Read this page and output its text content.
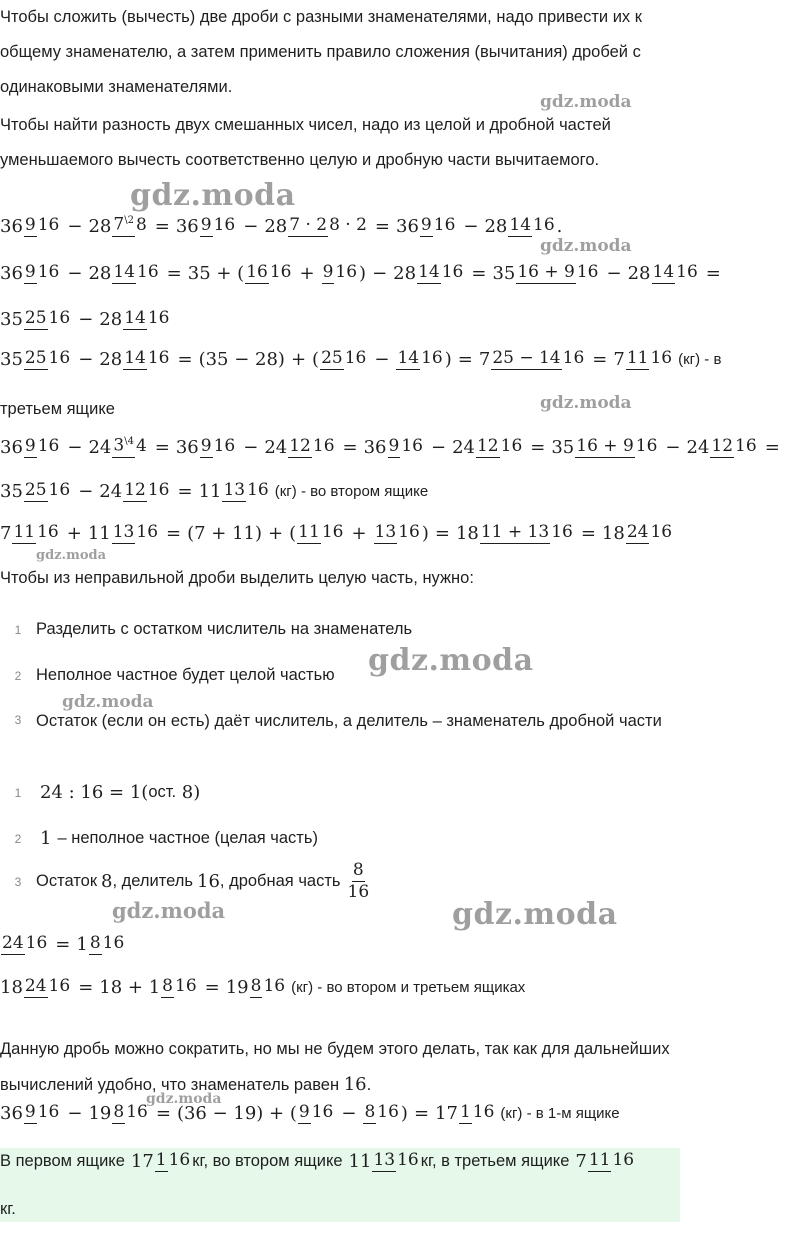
Чтобы сложить (вычесть) две дроби с разными знаменателями, надо привести их к общему знаменателю, а затем применить правило сложения (вычитания) дробей с одинаковыми знаменателями.
Чтобы найти разность двух смешанных чисел, надо из целой и дробной частей уменьшаемого вычесть соответственно целую и дробную части вычитаемого.
36 9 16 − 28 $7^{\backslash 2}$ 8 = 36 9 16 − 28 7 · 2 8 · 2 = 36 9 16 − 28 14 16 .
36 9 16 − 28 14 16 = 35 + ( 16 16 + 9 16 ) − 28 14 16 = 35 16 + 9 16 − 28 14 16 =
35 25 16 − 28 14 16
35 25 16 − 28 14 16 = (35 − 28) + ( 25 16 − 14 16 ) = 7 25 − 14 16 = 7 11 16 (кг) - в
третьем ящике
36 9 16 − 24 $3^{\backslash 4}$ 4 = 36 9 16 − 24 12 16 = 36 9 16 − 24 12 16 = 35 16 + 9 16 − 24 12 16 =
35 25 16 − 24 12 16 = 11 13 16 (кг) - во втором ящике
7 11 16 + 11 13 16 = (7 + 11) + ( 11 16 + 13 16 ) = 18 11 + 13 16 = 18 24 16
Чтобы из неправильной дроби выделить целую часть, нужно:
1 Разделить с остатком числитель на знаменатель
2 Неполное частное будет целой частью
3 Остаток (если он есть) даёт числитель, а делитель – знаменатель дробной части
1	24 : 16 = 1( ост. 8)
2	1 – неполное частное (целая часть)
3 Остаток 8 , делитель 16 , дробная часть $\frac{8}{16}$
24 16 = 1 8 16
18 24 16 = 18 + 1 8 16 = 19 8 16 (кг) - во втором и третьем ящиках
Данную дробь можно сократить, но мы не будем этого делать, так как для дальнейших вычислений удобно, что знаменатель равен 16.
36 9 16 − 19 8 16 = (36 − 19) + ( 9 16 − 8 16 ) = 17 1 16 (кг) - в 1-м ящике
В первом ящике 17 1 16 кг, во втором ящике 11 13 16 кг, в третьем ящике 7 11 16
кг.
gdz.moda
gdz.moda
gdz.moda
gdz.moda
gdz.moda
gdz.moda
gdz.moda
gdz.moda	gdz.moda
gdz.moda
